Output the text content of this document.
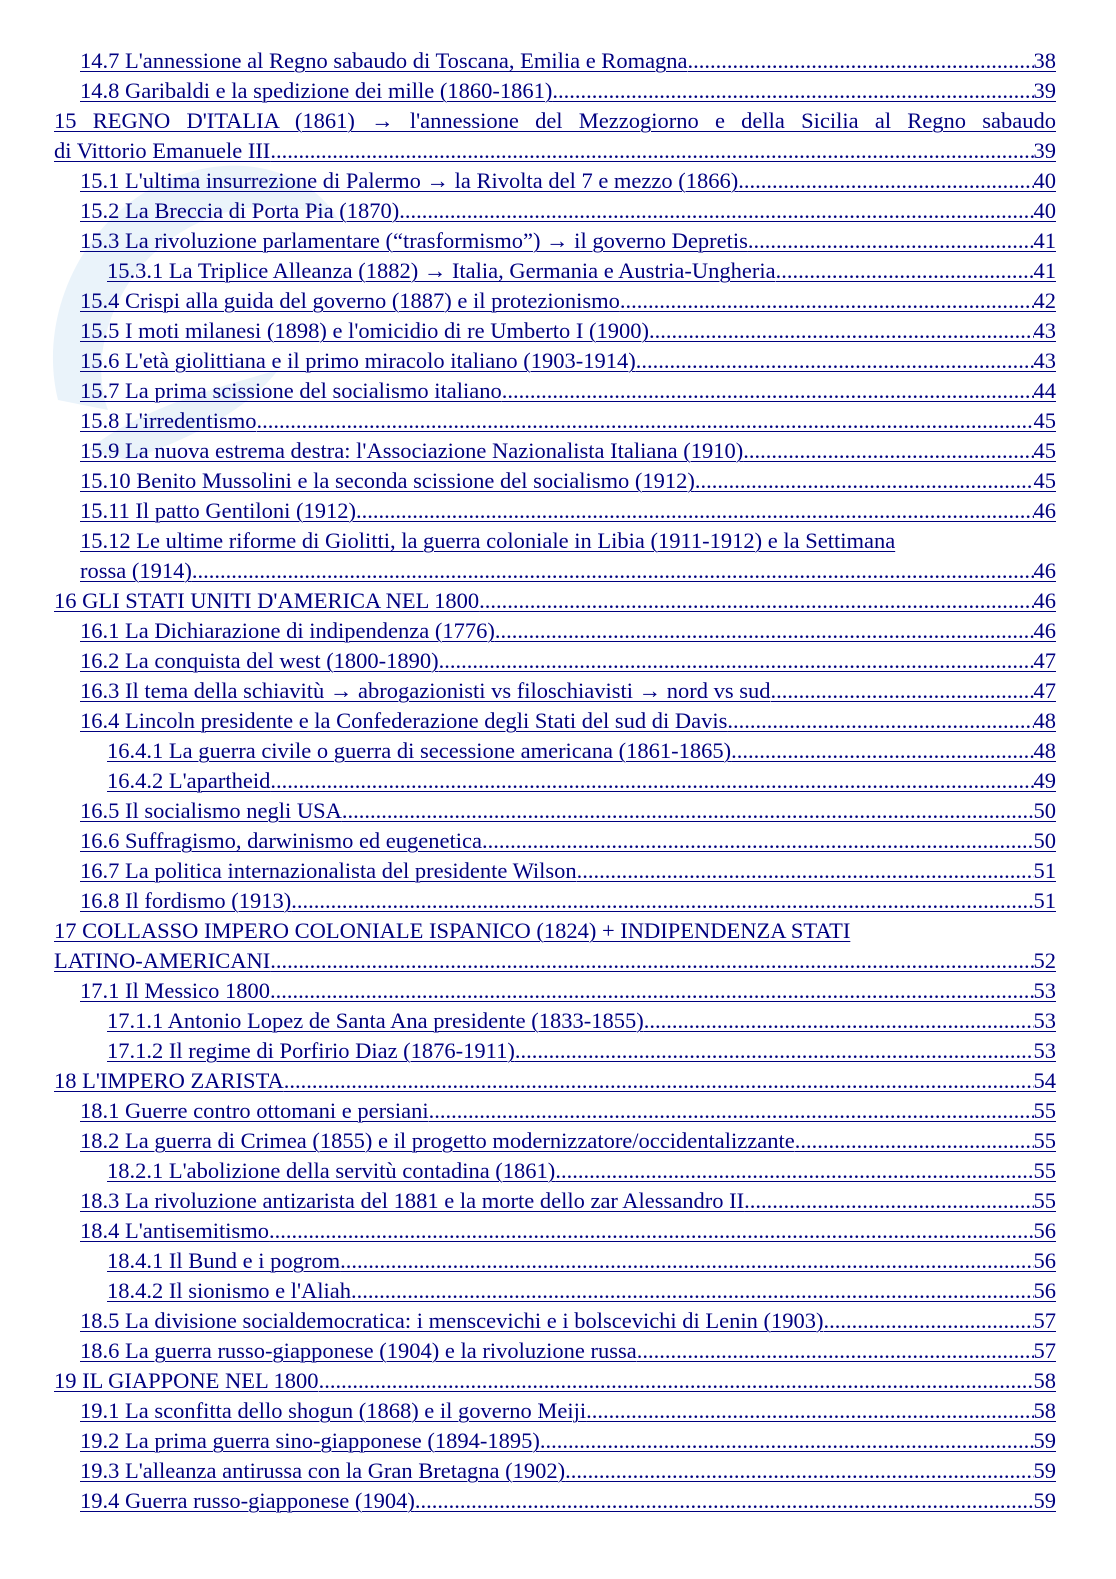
14.7 L'annessione al Regno sabaudo di Toscana, Emilia e Romagna .....	38
14.8 Garibaldi e la spedizione dei mille (1860-1861) .....	39
15 REGNO D'ITALIA (1861) → l'annessione del Mezzogiorno e della Sicilia al Regno sabaudo
di Vittorio Emanuele III .....	39
15.1 L'ultima insurrezione di Palermo → la Rivolta del 7 e mezzo (1866) .....	40
15.2 La Breccia di Porta Pia (1870) .....	40
15.3 La rivoluzione parlamentare (“trasformismo”) → il governo Depretis .....	41
15.3.1 La Triplice Alleanza (1882) → Italia, Germania e Austria-Ungheria .....	41
15.4 Crispi alla guida del governo (1887) e il protezionismo .....	42
15.5 I moti milanesi (1898) e l'omicidio di re Umberto I (1900) .....	43
15.6 L'età giolittiana e il primo miracolo italiano (1903-1914) .....	43
15.7 La prima scissione del socialismo italiano .....	44
15.8 L'irredentismo .....	45
15.9 La nuova estrema destra: l'Associazione Nazionalista Italiana (1910) .....	45
15.10 Benito Mussolini e la seconda scissione del socialismo (1912) .....	45
15.11 Il patto Gentiloni (1912) .....	46
15.12 Le ultime riforme di Giolitti, la guerra coloniale in Libia (1911-1912) e la Settimana
rossa (1914) .....	46
16 GLI STATI UNITI D'AMERICA NEL 1800 .....	46
16.1 La Dichiarazione di indipendenza (1776) .....	46
16.2 La conquista del west (1800-1890) .....	47
16.3 Il tema della schiavitù → abrogazionisti vs filoschiavisti → nord vs sud .....	47
16.4 Lincoln presidente e la Confederazione degli Stati del sud di Davis .....	48
16.4.1 La guerra civile o guerra di secessione americana (1861-1865) .....	48
16.4.2 L'apartheid .....	49
16.5 Il socialismo negli USA .....	50
16.6 Suffragismo, darwinismo ed eugenetica .....	50
16.7 La politica internazionalista del presidente Wilson .....	51
16.8 Il fordismo (1913) .....	51
17 COLLASSO IMPERO COLONIALE ISPANICO (1824) + INDIPENDENZA STATI
LATINO-AMERICANI .....	52
17.1 Il Messico 1800 .....	53
17.1.1 Antonio Lopez de Santa Ana presidente (1833-1855) .....	53
17.1.2 Il regime di Porfirio Diaz (1876-1911) .....	53
18 L'IMPERO ZARISTA .....	54
18.1 Guerre contro ottomani e persiani .....	55
18.2 La guerra di Crimea (1855) e il progetto modernizzatore/occidentalizzante .....	55
18.2.1 L'abolizione della servitù contadina (1861) .....	55
18.3 La rivoluzione antizarista del 1881 e la morte dello zar Alessandro II .....	55
18.4 L'antisemitismo .....	56
18.4.1 Il Bund e i pogrom .....	56
18.4.2 Il sionismo e l'Aliah .....	56
18.5 La divisione socialdemocratica: i menscevichi e i bolscevichi di Lenin (1903) .....	57
18.6 La guerra russo-giapponese (1904) e la rivoluzione russa .....	57
19 IL GIAPPONE NEL 1800 .....	58
19.1 La sconfitta dello shogun (1868) e il governo Meiji .....	58
19.2 La prima guerra sino-giapponese (1894-1895) .....	59
19.3 L'alleanza antirussa con la Gran Bretagna (1902) .....	59
19.4 Guerra russo-giapponese (1904) .....	59
